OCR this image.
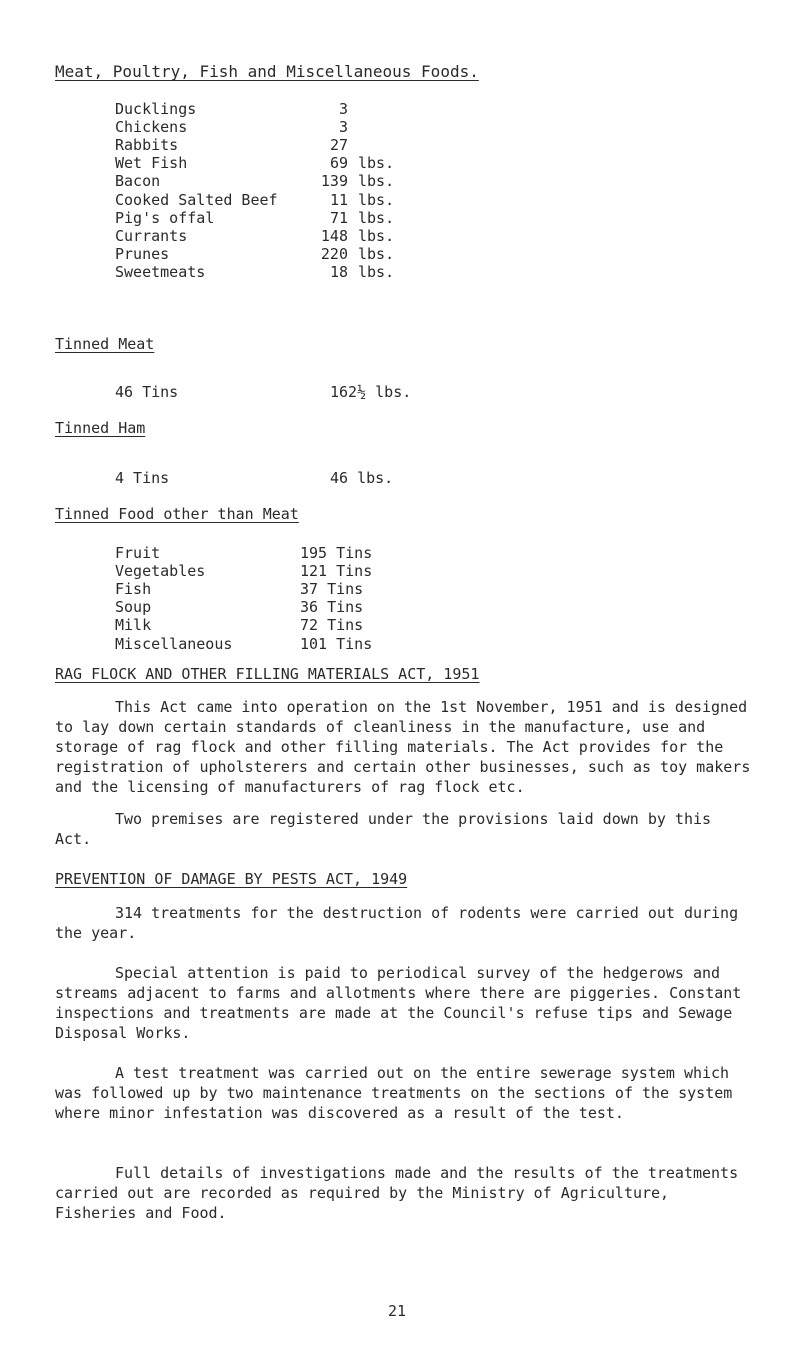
Meat, Poultry, Fish and Miscellaneous Foods.
Ducklings	3
Chickens	3
Rabbits	27
Wet Fish	69 lbs.
Bacon	139 lbs.
Cooked Salted Beef	11 lbs.
Pig's offal	71 lbs.
Currants	148 lbs.
Prunes	220 lbs.
Sweetmeats	18 lbs.
Tinned Meat
46 Tins	162½ lbs.
Tinned Ham
4 Tins	46 lbs.
Tinned Food other than Meat
Fruit	195 Tins
Vegetables	121 Tins
Fish	37 Tins
Soup	36 Tins
Milk	72 Tins
Miscellaneous	101 Tins
RAG FLOCK AND OTHER FILLING MATERIALS ACT, 1951
This Act came into operation on the 1st November, 1951 and is designed to lay down certain standards of cleanliness in the manufacture, use and storage of rag flock and other filling materials. The Act provides for the registration of upholsterers and certain other businesses, such as toy makers and the licensing of manufacturers of rag flock etc.
Two premises are registered under the provisions laid down by this Act.
PREVENTION OF DAMAGE BY PESTS ACT, 1949
314 treatments for the destruction of rodents were carried out during the year.
Special attention is paid to periodical survey of the hedgerows and streams adjacent to farms and allotments where there are piggeries. Constant inspections and treatments are made at the Council's refuse tips and Sewage Disposal Works.
A test treatment was carried out on the entire sewerage system which was followed up by two maintenance treatments on the sections of the system where minor infestation was discovered as a result of the test.
Full details of investigations made and the results of the treatments carried out are recorded as required by the Ministry of Agriculture, Fisheries and Food.
21
